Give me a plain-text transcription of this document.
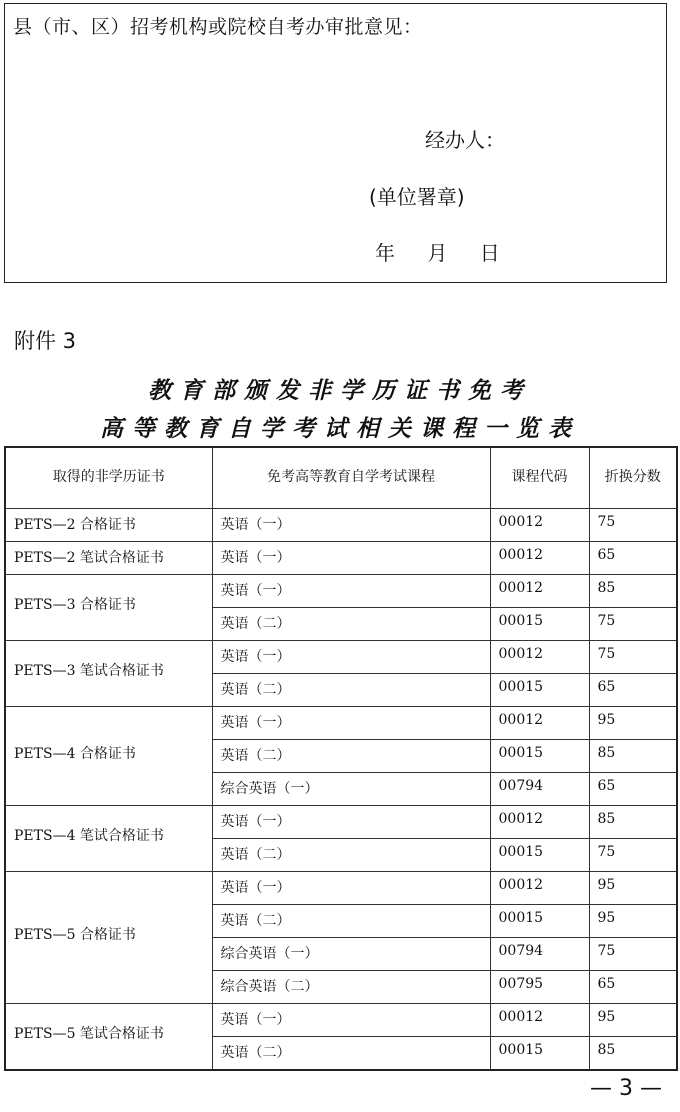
县（市、区）招考机构或院校自考办审批意见：
经办人：
(单位署章)
年 月 日
附件 3
教育部颁发非学历证书免考
高等教育自学考试相关课程一览表
取得的非学历证书	免考高等教育自学考试课程	课程代码	折换分数

PETS—2 合格证书	英语（一）	00012	75

PETS—2 笔试合格证书	英语（一）	00012	65

PETS—3 合格证书	英语（一）	00012	85

	英语（二）	00015	75

PETS—3 笔试合格证书	英语（一）	00012	75

	英语（二）	00015	65

PETS—4 合格证书	英语（一）	00012	95

	英语（二）	00015	85

	综合英语（一）	00794	65

PETS—4 笔试合格证书	英语（一）	00012	85

	英语（二）	00015	75

PETS—5 合格证书	英语（一）	00012	95

	英语（二）	00015	95

	综合英语（一）	00794	75

	综合英语（二）	00795	65

PETS—5 笔试合格证书	英语（一）	00012	95

	英语（二）	00015	85
— 3 —
